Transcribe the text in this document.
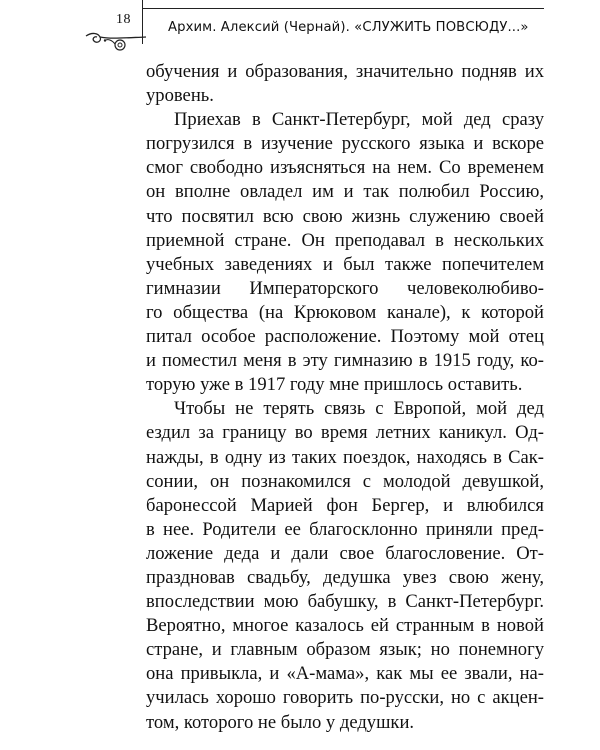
18
Архим. Алексий (Чернай). «СЛУЖИТЬ ПОВСЮДУ...»

обучения и образования, значительно подняв их
уровень.

Приехав в Санкт-Петербург, мой дед сразу
погрузился в изучение русского языка и вскоре
смог свободно изъясняться на нем. Со временем
он вполне овладел им и так полюбил Россию,
что посвятил всю свою жизнь служению своей
приемной стране. Он преподавал в нескольких
учебных заведениях и был также попечителем
гимназии Императорского человеколюбиво-
го общества (на Крюковом канале), к которой
питал особое расположение. Поэтому мой отец
и поместил меня в эту гимназию в 1915 году, ко-
торую уже в 1917 году мне пришлось оставить.

Чтобы не терять связь с Европой, мой дед
ездил за границу во время летних каникул. Од-
нажды, в одну из таких поездок, находясь в Сак-
сонии, он познакомился с молодой девушкой,
баронессой Марией фон Бергер, и влюбился
в нее. Родители ее благосклонно приняли пред-
ложение деда и дали свое благословение. От-
праздновав свадьбу, дедушка увез свою жену,
впоследствии мою бабушку, в Санкт-Петербург.
Вероятно, многое казалось ей странным в новой
стране, и главным образом язык; но понемногу
она привыкла, и «А-мама», как мы ее звали, на-
училась хорошо говорить по-русски, но с акцен-
том, которого не было у дедушки.
